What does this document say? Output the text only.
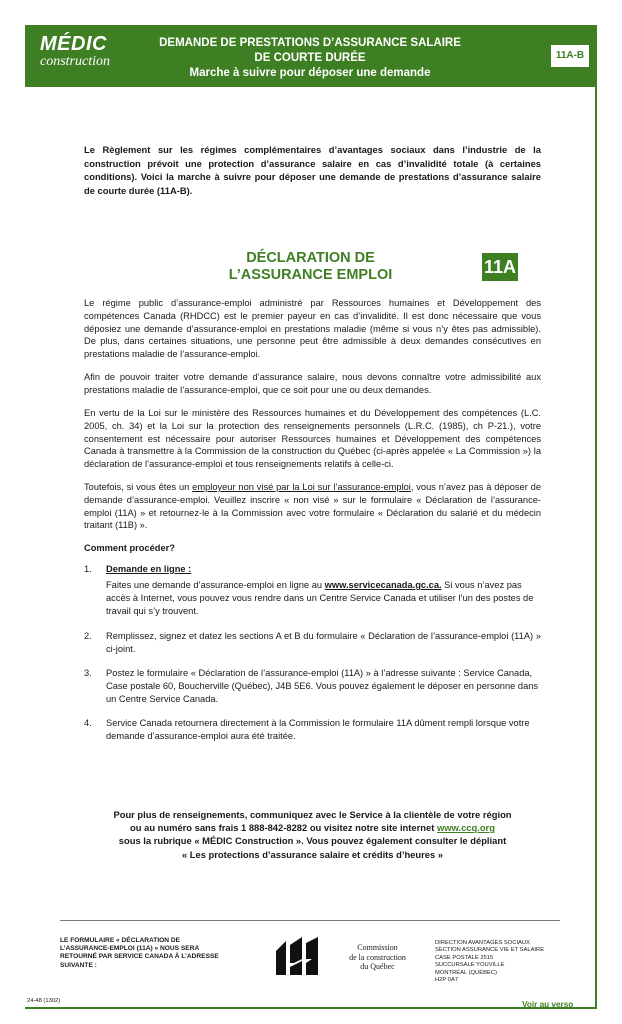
MÉDIC
construction
DEMANDE DE PRESTATIONS D’ASSURANCE SALAIRE
DE COURTE DURÉE
Marche à suivre pour déposer une demande
11A-B
Le Règlement sur les régimes complémentaires d’avantages sociaux dans l’industrie de la construction prévoit une protection d’assurance salaire en cas d’invalidité totale (à certaines conditions). Voici la marche à suivre pour déposer une demande de prestations d’assurance salaire de courte durée (11A-B).
DÉCLARATION DE
L’ASSURANCE EMPLOI	11A
Le régime public d’assurance-emploi administré par Ressources humaines et Développement des compétences Canada (RHDCC) est le premier payeur en cas d’invalidité. Il est donc nécessaire que vous déposiez une demande d’assurance-emploi en prestations maladie (même si vous n’y êtes pas admissible). De plus, dans certaines situations, une personne peut être admissible à deux demandes consécutives en prestations maladie de l’assurance-emploi.
Afin de pouvoir traiter votre demande d’assurance salaire, nous devons connaître votre admissibilité aux prestations maladie de l’assurance-emploi, que ce soit pour une ou deux demandes.
En vertu de la Loi sur le ministère des Ressources humaines et du Développement des compétences (L.C. 2005, ch. 34) et la Loi sur la protection des renseignements personnels (L.R.C. (1985), ch P-21.), votre consentement est nécessaire pour autoriser Ressources humaines et Développement des compétences Canada à transmettre à la Commission de la construction du Québec (ci-après appelée « La Commission ») la déclaration de l’assurance-emploi et tous renseignements relatifs à celle-ci.
Toutefois, si vous êtes un employeur non visé par la Loi sur l’assurance-emploi, vous n’avez pas à déposer de demande d’assurance-emploi. Veuillez inscrire « non visé » sur le formulaire « Déclaration de l’assurance-emploi (11A) » et retournez-le à la Commission avec votre formulaire « Déclaration du salarié et du médecin traitant (11B) ».
Comment procéder?
1. Demande en ligne :
Faites une demande d’assurance-emploi en ligne au www.servicecanada.gc.ca. Si vous n’avez pas accès à Internet, vous pouvez vous rendre dans un Centre Service Canada et utiliser l’un des postes de travail qui s’y trouvent.
2. Remplissez, signez et datez les sections A et B du formulaire « Déclaration de l’assurance-emploi (11A) » ci-joint.
3. Postez le formulaire « Déclaration de l’assurance-emploi (11A) » à l’adresse suivante : Service Canada, Case postale 60, Boucherville (Québec), J4B 5E6. Vous pouvez également le déposer en personne dans un Centre Service Canada.
4. Service Canada retournera directement à la Commission le formulaire 11A dûment rempli lorsque votre demande d’assurance-emploi aura été traitée.
Pour plus de renseignements, communiquez avec le Service à la clientèle de votre région
ou au numéro sans frais 1 888-842-8282 ou visitez notre site internet www.ccq.org
sous la rubrique « MÉDIC Construction ». Vous pouvez également consulter le dépliant
« Les protections d’assurance salaire et crédits d’heures »
LE FORMULAIRE « DÉCLARATION DE L’ASSURANCE-EMPLOI (11A) » NOUS SERA RETOURNÉ PAR SERVICE CANADA À L’ADRESSE SUIVANTE :
Commission
de la construction
du Québec
DIRECTION AVANTAGES SOCIAUX
SECTION ASSURANCE VIE ET SALAIRE
CASE POSTALE 2515
SUCCURSALE YOUVILLE
MONTRÉAL (QUÉBEC)
H2P 0A7
24-48 (1302)	Voir au verso
